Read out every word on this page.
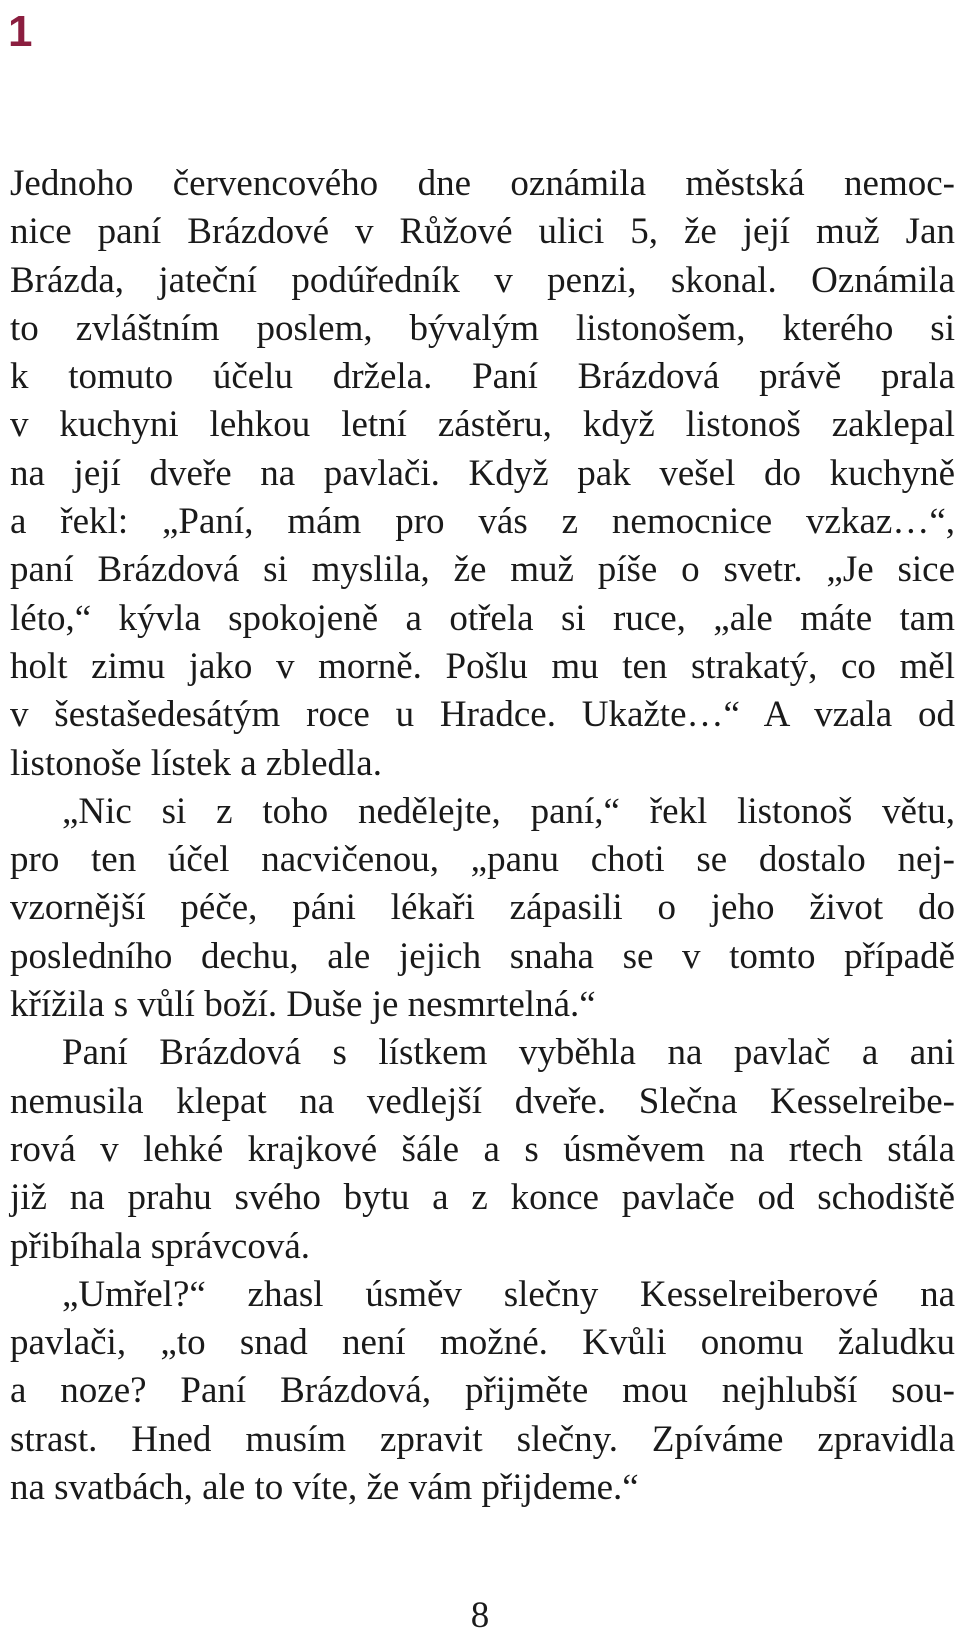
1
Jednoho červencového dne oznámila městská nemoc-
nice paní Brázdové v Růžové ulici 5, že její muž Jan
Brázda, jateční podúředník v penzi, skonal. Oznámila
to zvláštním poslem, bývalým listonošem, kterého si
k tomuto účelu držela. Paní Brázdová právě prala
v kuchyni lehkou letní zástěru, když listonoš zaklepal
na její dveře na pavlači. Když pak vešel do kuchyně
a řekl: „Paní, mám pro vás z nemocnice vzkaz…“,
paní Brázdová si myslila, že muž píše o svetr. „Je sice
léto,“ kývla spokojeně a otřela si ruce, „ale máte tam
holt zimu jako v morně. Pošlu mu ten strakatý, co měl
v šestašedesátým roce u Hradce. Ukažte…“ A vzala od
listonoše lístek a zbledla.
„Nic si z toho nedělejte, paní,“ řekl listonoš větu,
pro ten účel nacvičenou, „panu choti se dostalo nej-
vzornější péče, páni lékaři zápasili o jeho život do
posledního dechu, ale jejich snaha se v tomto případě
křížila s vůlí boží. Duše je nesmrtelná.“
Paní Brázdová s lístkem vyběhla na pavlač a ani
nemusila klepat na vedlejší dveře. Slečna Kesselreibe-
rová v lehké krajkové šále a s úsměvem na rtech stála
již na prahu svého bytu a z konce pavlače od schodiště
přibíhala správcová.
„Umřel?“ zhasl úsměv slečny Kesselreiberové na
pavlači, „to snad není možné. Kvůli onomu žaludku
a noze? Paní Brázdová, přijměte mou nejhlubší sou-
strast. Hned musím zpravit slečny. Zpíváme zpravidla
na svatbách, ale to víte, že vám přijdeme.“
8
